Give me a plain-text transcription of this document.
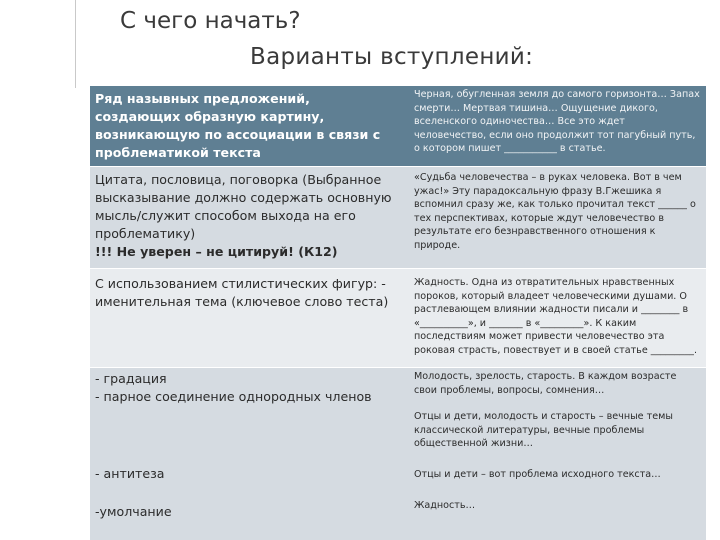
С чего начать?
Варианты вступлений:
Ряд назывных предложений, создающих образную картину, возникающую по ассоциации в связи с проблематикой текста
Черная, обугленная земля до самого горизонта… Запах смерти… Мертвая тишина… Ощущение дикого, вселенского одиночества… Все это ждет человечество, если оно продолжит тот пагубный путь, о котором пишет ___________ в статье.
Цитата, пословица, поговорка (Выбранное высказывание должно содержать основную мысль/служит способом выхода на его проблематику)
!!! Не уверен – не цитируй! (К12)
«Судьба человечества – в руках человека. Вот в чем ужас!» Эту парадоксальную фразу В.Гжешика я вспомнил сразу же, как только прочитал текст ______ о тех перспективах, которые ждут человечество в результате его безнравственного отношения к природе.
С использованием стилистических фигур: - именительная тема (ключевое слово теста)
Жадность. Одна из отвратительных нравственных пороков, который владеет человеческими душами. О растлевающем влиянии жадности писали и ________ в «__________», и _______ в «_________». К каким последствиям может привести человечество эта роковая страсть, повествует и в своей статье _________.
- градация
- парное соединение однородных членов
- антитеза
-умолчание
Молодость, зрелость, старость. В каждом возрасте свои проблемы, вопросы, сомнения…
Отцы и дети, молодость и старость – вечные темы классической литературы, вечные проблемы общественной жизни…
Отцы и дети – вот проблема исходного текста…
Жадность…
